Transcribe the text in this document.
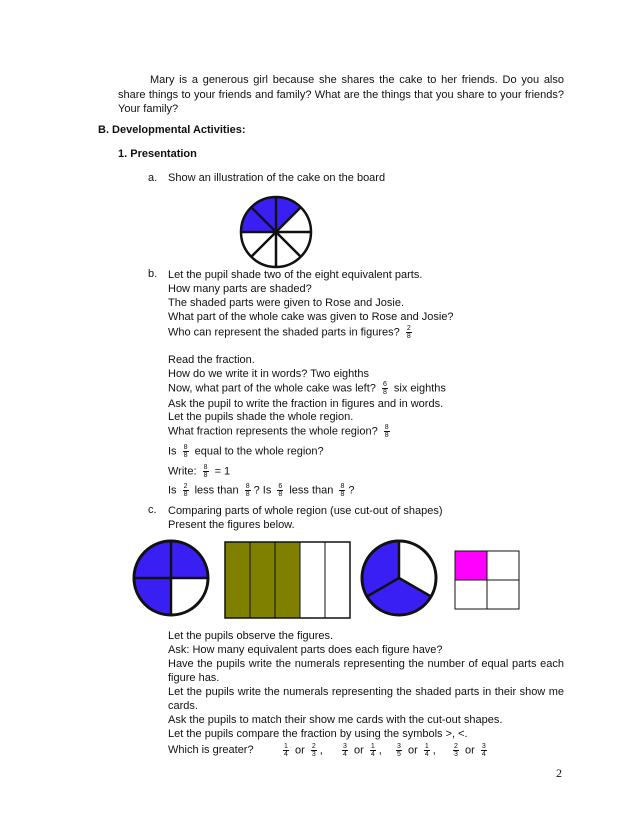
Mary is a generous girl because she shares the cake to her friends. Do you also share things to your friends and family? What are the things that you share to your friends? Your family?
B. Developmental Activities:
1. Presentation
a. Show an illustration of the cake on the board
b. Let the pupil shade two of the eight equivalent parts.
How many parts are shaded?
The shaded parts were given to Rose and Josie.
What part of the whole cake was given to Rose and Josie?
Who can represent the shaded parts in figures? $\frac{2}{8}$
Read the fraction.
How do we write it in words? Two eighths
Now, what part of the whole cake was left? $\frac{6}{8}$ six eighths
Ask the pupil to write the fraction in figures and in words.
Let the pupils shade the whole region.
What fraction represents the whole region? $\frac{8}{8}$
Is $\frac{8}{8}$ equal to the whole region?
Write: $\frac{8}{8} = 1$
Is $\frac{2}{8}$ less than $\frac{8}{8}$ ? Is $\frac{6}{8}$ less than $\frac{8}{8}$ ?
c. Comparing parts of whole region (use cut-out of shapes)
Present the figures below.
Let the pupils observe the figures.
Ask: How many equivalent parts does each figure have?
Have the pupils write the numerals representing the number of equal parts each figure has.
Let the pupils write the numerals representing the shaded parts in their show me cards.
Ask the pupils to match their show me cards with the cut-out shapes.
Let the pupils compare the fraction by using the symbols >, <.
Which is greater?	$\frac{1}{4}$ or $\frac{2}{3}$ ,	$\frac{3}{4}$ or $\frac{1}{4}$ , $\frac{3}{5}$ or $\frac{1}{4}$ , $\frac{2}{3}$ or $\frac{3}{4}$
2
